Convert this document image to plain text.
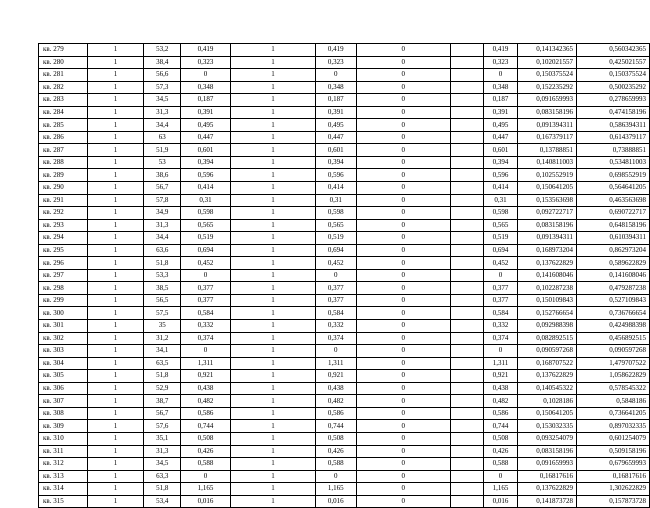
кв. 279	1	53,2	0,419	1	0,419	0		0,419	0,141342365	0,560342365
кв. 280	1	38,4	0,323	1	0,323	0		0,323	0,102021557	0,425021557
кв. 281	1	56,6	0	1	0	0		0	0,150375524	0,150375524
кв. 282	1	57,3	0,348	1	0,348	0		0,348	0,152235292	0,500235292
кв. 283	1	34,5	0,187	1	0,187	0		0,187	0,091659993	0,278659993
кв. 284	1	31,3	0,391	1	0,391	0		0,391	0,083158196	0,474158196
кв. 285	1	34,4	0,495	1	0,495	0		0,495	0,091394311	0,586394311
кв. 286	1	63	0,447	1	0,447	0		0,447	0,167379117	0,614379117
кв. 287	1	51,9	0,601	1	0,601	0		0,601	0,13788851	0,73888851
кв. 288	1	53	0,394	1	0,394	0		0,394	0,140811003	0,534811003
кв. 289	1	38,6	0,596	1	0,596	0		0,596	0,102552919	0,698552919
кв. 290	1	56,7	0,414	1	0,414	0		0,414	0,150641205	0,564641205
кв. 291	1	57,8	0,31	1	0,31	0		0,31	0,153563698	0,463563698
кв. 292	1	34,9	0,598	1	0,598	0		0,598	0,092722717	0,690722717
кв. 293	1	31,3	0,565	1	0,565	0		0,565	0,083158196	0,648158196
кв. 294	1	34,4	0,519	1	0,519	0		0,519	0,091394311	0,610394311
кв. 295	1	63,6	0,694	1	0,694	0		0,694	0,168973204	0,862973204
кв. 296	1	51,8	0,452	1	0,452	0		0,452	0,137622829	0,589622829
кв. 297	1	53,3	0	1	0	0		0	0,141608046	0,141608046
кв. 298	1	38,5	0,377	1	0,377	0		0,377	0,102287238	0,479287238
кв. 299	1	56,5	0,377	1	0,377	0		0,377	0,150109843	0,527109843
кв. 300	1	57,5	0,584	1	0,584	0		0,584	0,152766654	0,736766654
кв. 301	1	35	0,332	1	0,332	0		0,332	0,092988398	0,424988398
кв. 302	1	31,2	0,374	1	0,374	0		0,374	0,082892515	0,456892515
кв. 303	1	34,1	0	1	0	0		0	0,090597268	0,090597268
кв. 304	1	63,5	1,311	1	1,311	0		1,311	0,168707522	1,479707522
кв. 305	1	51,8	0,921	1	0,921	0		0,921	0,137622829	1,058622829
кв. 306	1	52,9	0,438	1	0,438	0		0,438	0,140545322	0,578545322
кв. 307	1	38,7	0,482	1	0,482	0		0,482	0,1028186	0,5848186
кв. 308	1	56,7	0,586	1	0,586	0		0,586	0,150641205	0,736641205
кв. 309	1	57,6	0,744	1	0,744	0		0,744	0,153032335	0,897032335
кв. 310	1	35,1	0,508	1	0,508	0		0,508	0,093254079	0,601254079
кв. 311	1	31,3	0,426	1	0,426	0		0,426	0,083158196	0,509158196
кв. 312	1	34,5	0,588	1	0,588	0		0,588	0,091659993	0,679659993
кв. 313	1	63,3	0	1	0	0		0	0,16817616	0,16817616
кв. 314	1	51,8	1,165	1	1,165	0		1,165	0,137622829	1,302622829
кв. 315	1	53,4	0,016	1	0,016	0		0,016	0,141873728	0,157873728
